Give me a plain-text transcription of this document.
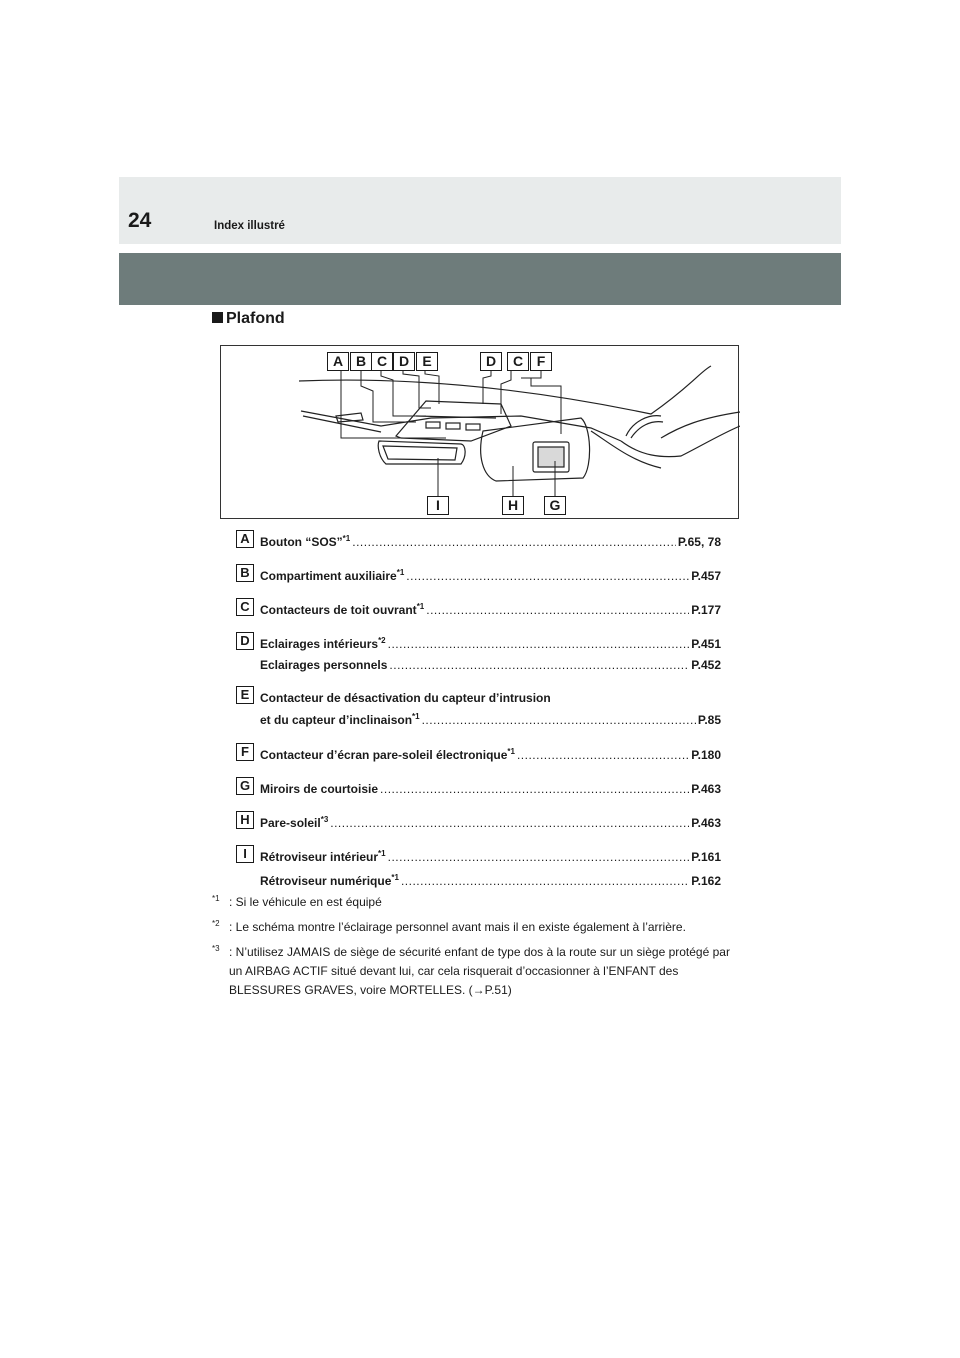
24	Index illustré
Plafond
A B C D E	D	C F
I	H	G
A Bouton “SOS”$^{*1}$ .....	P.65, 78
B Compartiment auxiliaire$^{*1}$ .....	P.457
C Contacteurs de toit ouvrant$^{*1}$ .....	P.177
D Eclairages intérieurs$^{*2}$ .....	P.451
Eclairages personnels .....	P.452
E Contacteur de désactivation du capteur d’intrusion
et du capteur d’inclinaison$^{*1}$ .....	P.85
F Contacteur d’écran pare-soleil électronique$^{*1}$ .....	P.180
G Miroirs de courtoisie .....	P.463
H Pare-soleil$^{*3}$ .....	P.463
I	Rétroviseur intérieur$^{*1}$ .....	P.161
Rétroviseur numérique$^{*1}$ .....	P.162
$^{*1}$ : Si le véhicule en est équipé
$^{*2}$ : Le schéma montre l’éclairage personnel avant mais il en existe également à l’arrière.
$^{*3}$ : N’utilisez JAMAIS de siège de sécurité enfant de type dos à la route sur un siège protégé par un AIRBAG ACTIF situé devant lui, car cela risquerait d’occasionner à l’ENFANT des BLESSURES GRAVES, voire MORTELLES. (→P.51)
